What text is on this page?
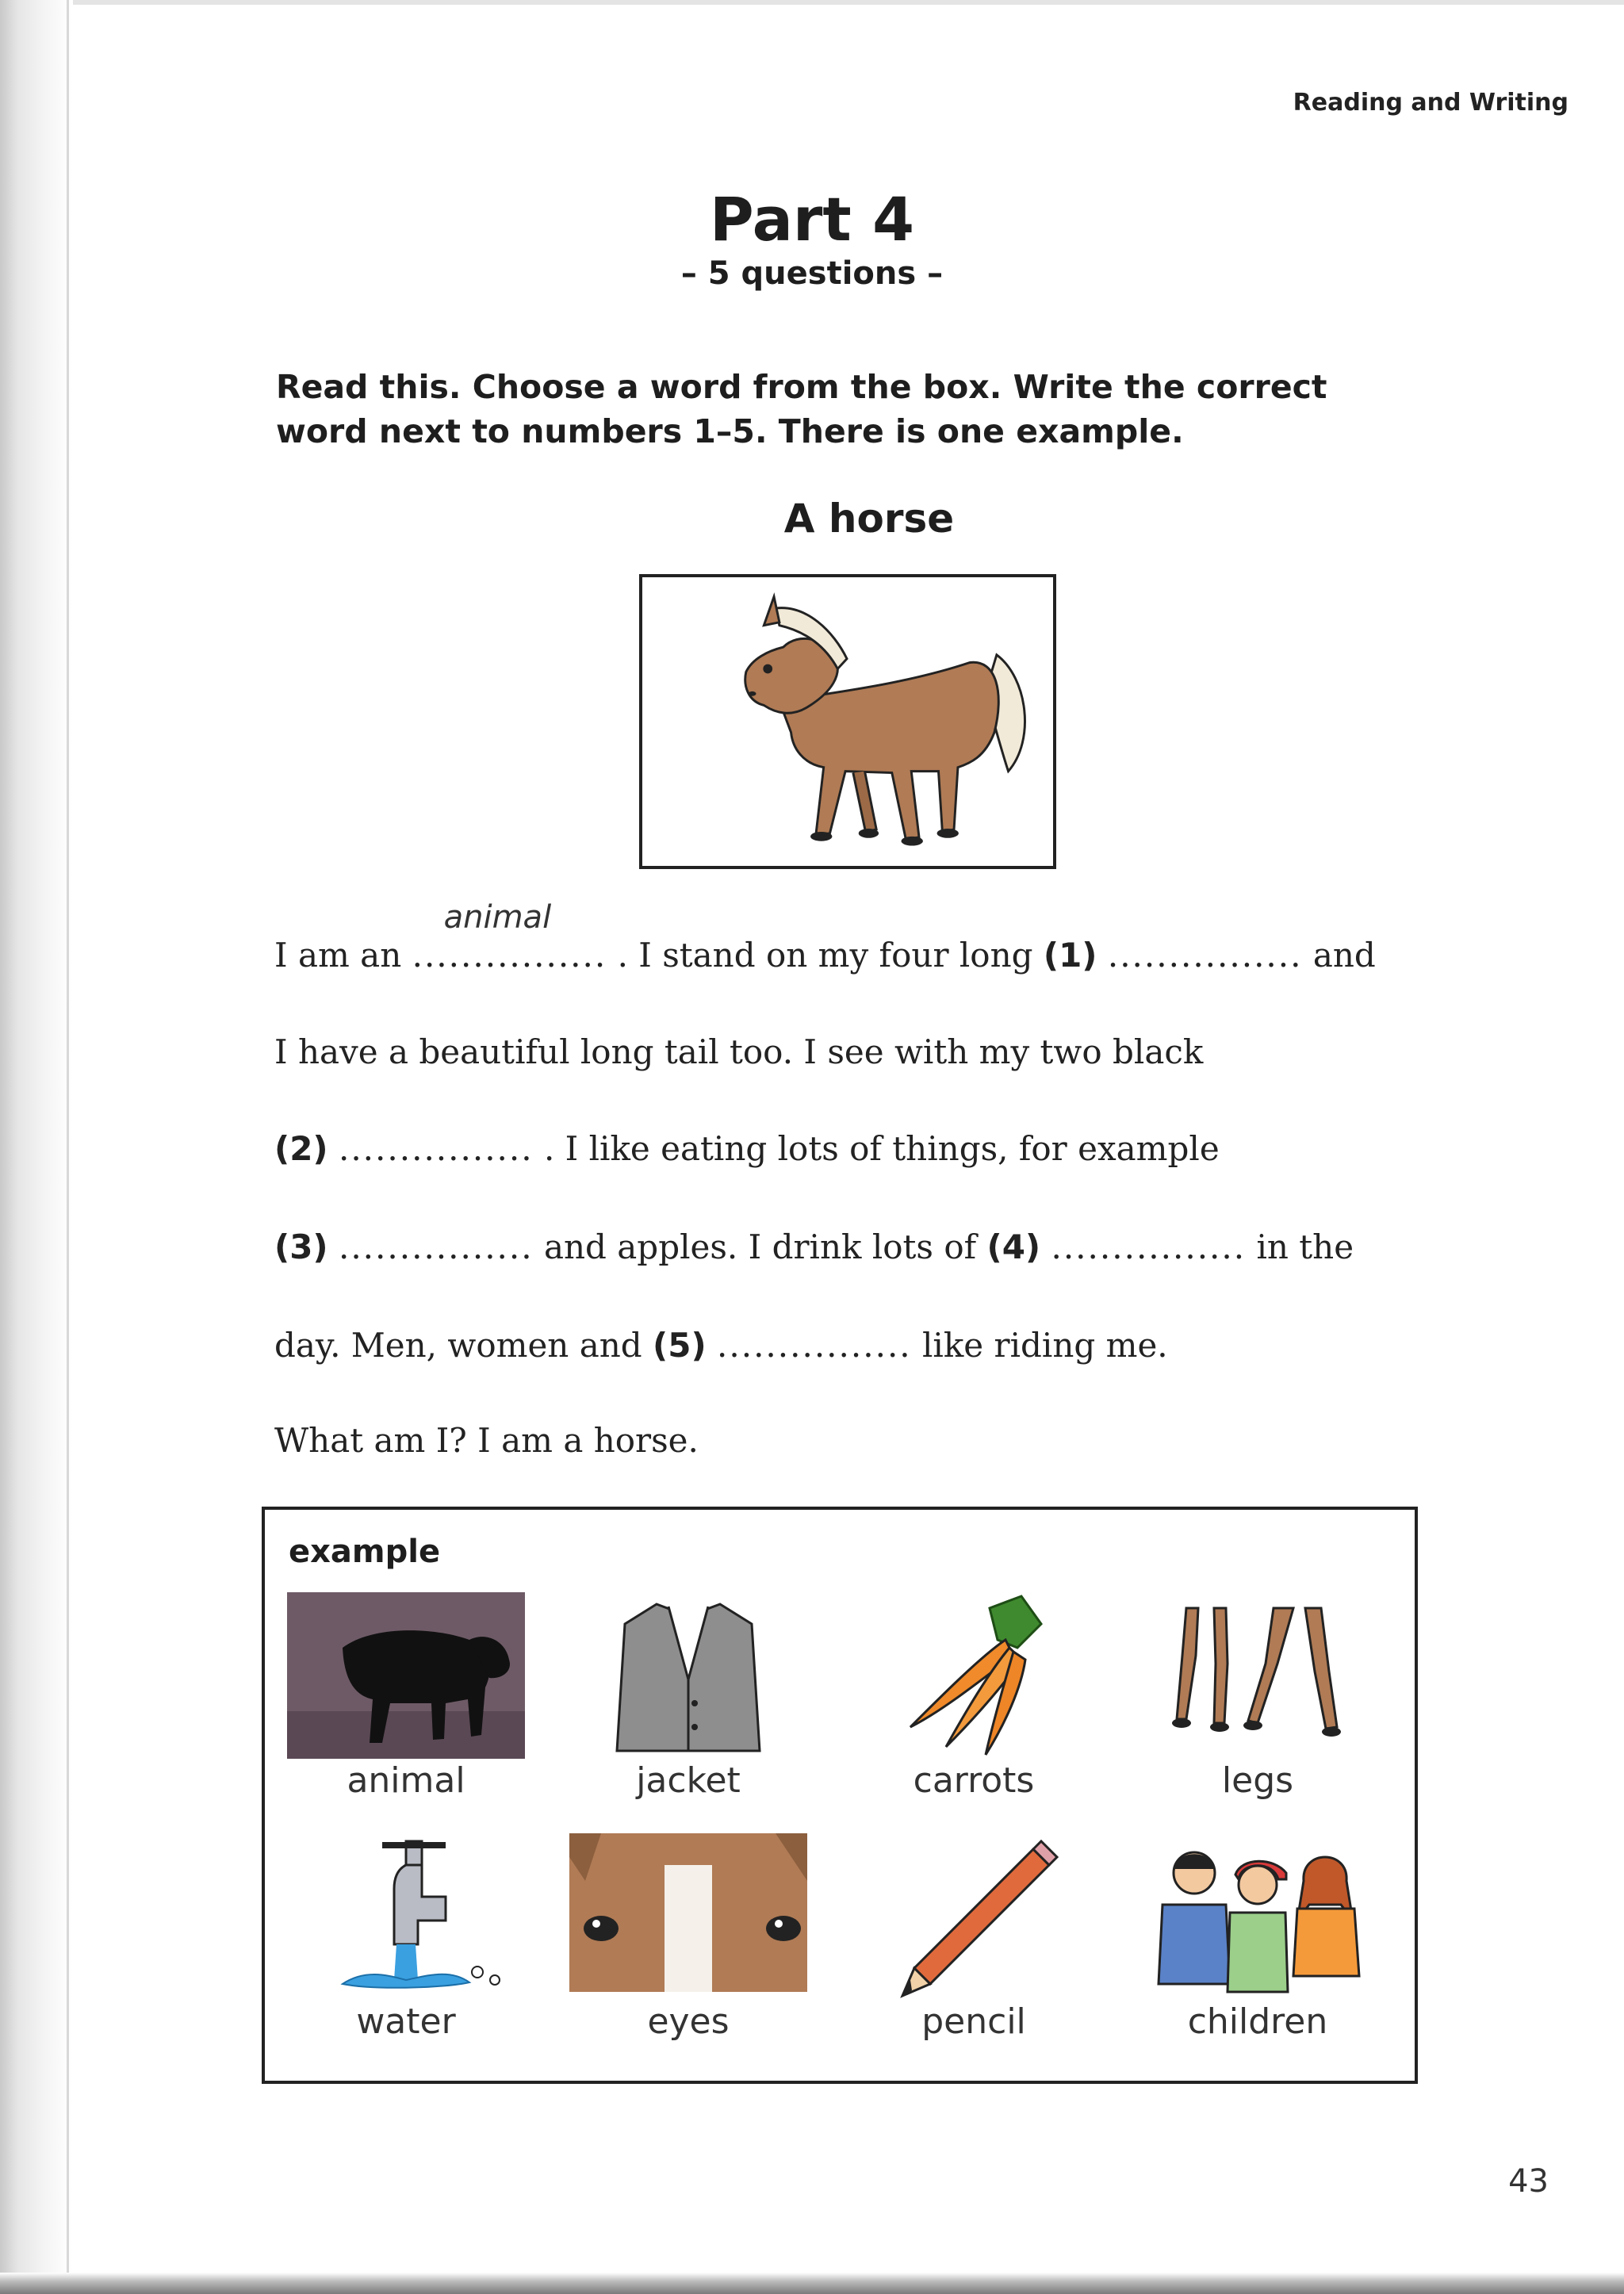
Reading and Writing
Part 4
– 5 questions –
Read this. Choose a word from the box. Write the correct word next to numbers 1–5. There is one example.
A horse
I am an
animal
................ . I stand on my four long (1) ................ and
I have a beautiful long tail too. I see with my two black
(2) ................ . I like eating lots of things, for example
(3) ................ and apples. I drink lots of (4) ................ in the
day. Men, women and (5) ................ like riding me.
What am I? I am a horse.
example
animal	jacket	carrots	legs
water	eyes	pencil	children
43
